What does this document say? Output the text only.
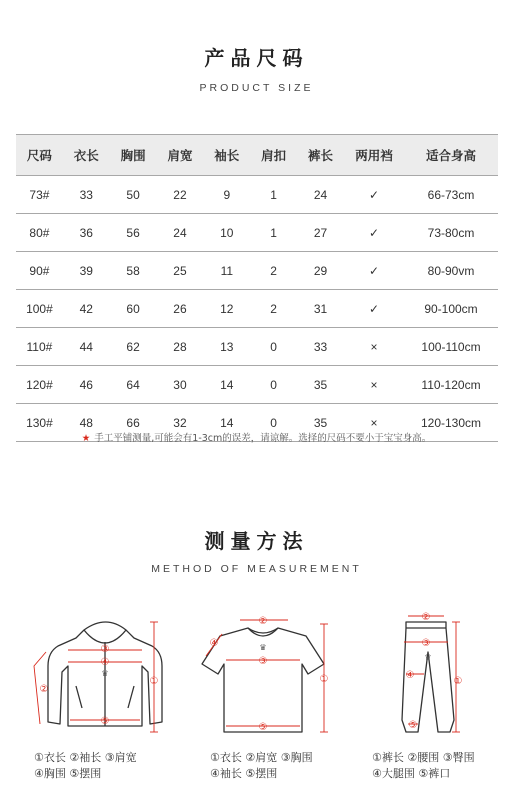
产品尺码
PRODUCT SIZE
尺码	衣长	胸围	肩宽	袖长	肩扣	裤长	两用裆	适合身高
73#	33	50	22	9	1	24	✓	66-73cm
80#	36	56	24	10	1	27	✓	73-80cm
90#	39	58	25	11	2	29	✓	80-90vm
100#	42	60	26	12	2	31	✓	90-100cm
110#	44	62	28	13	0	33	×	100-110cm
120#	46	64	30	14	0	35	×	110-120cm
130#	48	66	32	14	0	35	×	120-130cm
★ 手工平铺测量,可能会有1-3cm的误差，请谅解。选择的尺码不要小于宝宝身高。
测量方法
METHOD OF MEASUREMENT
①
②
③
④
⑤
♛
①衣长 ②袖长 ③肩宽
④胸围 ⑤摆围
①
②
③
④
⑤
♛
①衣长 ②肩宽 ③胸围
④袖长 ⑤摆围
①
②
③
④
⑤
♛
①裤长 ②腰围 ③臀围
④大腿围 ⑤裤口
